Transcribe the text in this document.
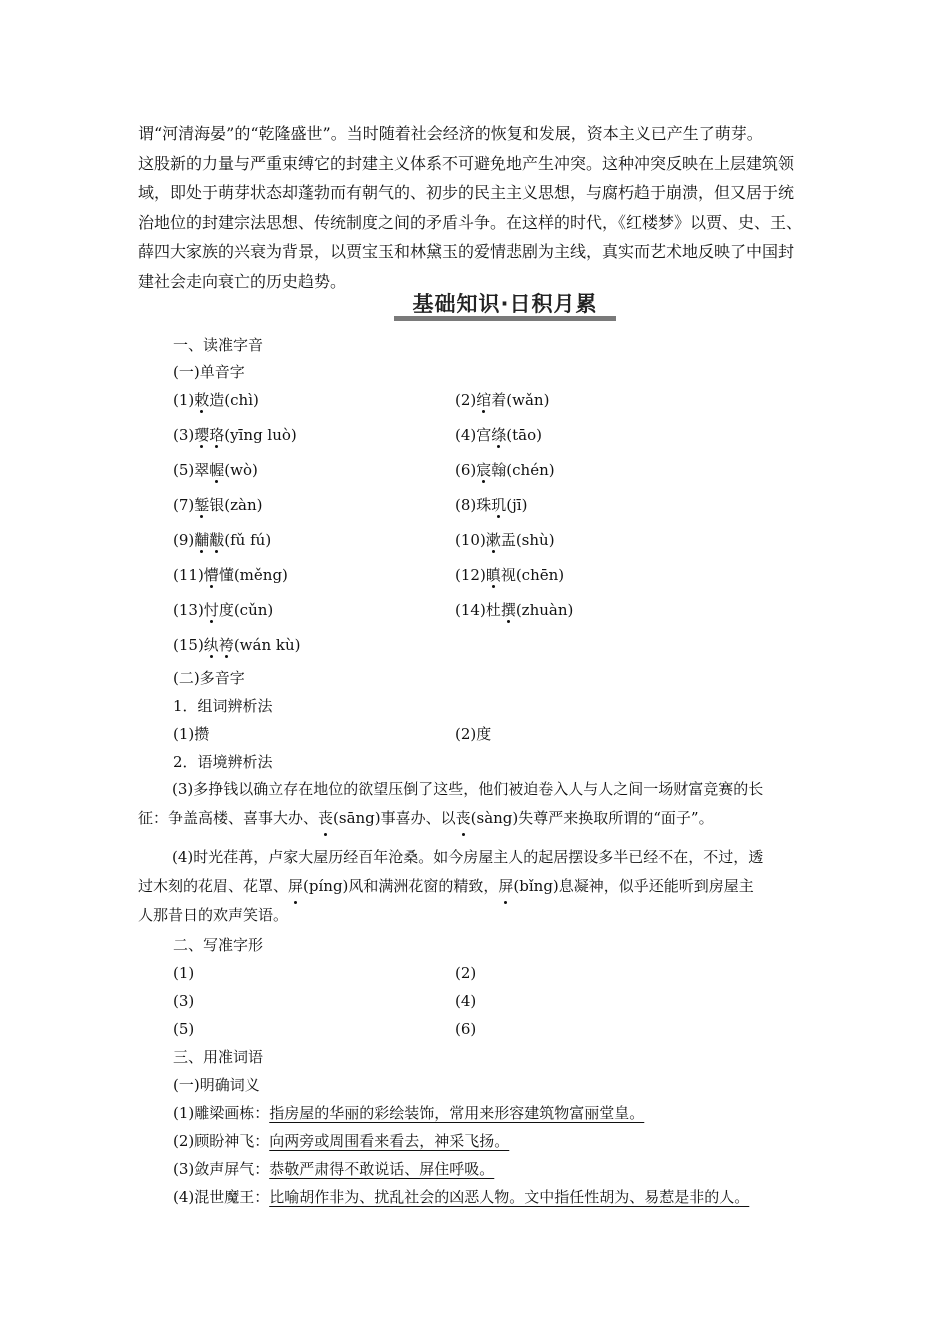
谓“河清海晏”的“乾隆盛世”。当时随着社会经济的恢复和发展，资本主义已产生了萌芽。

这股新的力量与严重束缚它的封建主义体系不可避免地产生冲突。这种冲突反映在上层建筑领

域，即处于萌芽状态却蓬勃而有朝气的、初步的民主主义思想，与腐朽趋于崩溃，但又居于统

治地位的封建宗法思想、传统制度之间的矛盾斗争。在这样的时代，《红楼梦》以贾、史、王、

薛四大家族的兴衰为背景，以贾宝玉和林黛玉的爱情悲剧为主线，真实而艺术地反映了中国封

建社会走向衰亡的历史趋势。

基础知识·日积月累
一、读准字音
(一)单音字
(1)敕造(chì)	(2)绾着(wǎn)
(3)璎珞(yīng luò)	(4)宫绦(tāo)
(5)翠幄(wò)	(6)宸翰(chén)
(7)錾银(zàn)	(8)珠玑(jī)
(9)黼黻(fǔ fú)	(10)漱盂(shù)
(11)懵懂(měng)	(12)瞋视(chēn)
(13)忖度(cǔn)	(14)杜撰(zhuàn)
(15)纨袴(wán kù)
(二)多音字
1．组词辨析法
(1)攒	(2)度
2．语境辨析法

(3)多挣钱以确立存在地位的欲望压倒了这些，他们被迫卷入人与人之间一场财富竞赛的长

征：争盖高楼、喜事大办、丧(sāng)事喜办、以丧(sàng)失尊严来换取所谓的“面子”。

(4)时光荏苒，卢家大屋历经百年沧桑。如今房屋主人的起居摆设多半已经不在，不过，透

过木刻的花眉、花罩、屏(píng)风和满洲花窗的精致，屏(bǐng)息凝神，似乎还能听到房屋主

人那昔日的欢声笑语。

二、写准字形
(1)	(2)
(3)	(4)
(5)	(6)
三、用准词语
(一)明确词义
(1)雕梁画栋：指房屋的华丽的彩绘装饰，常用来形容建筑物富丽堂皇。
(2)顾盼神飞：向两旁或周围看来看去，神采飞扬。
(3)敛声屏气：恭敬严肃得不敢说话、屏住呼吸。
(4)混世魔王：比喻胡作非为、扰乱社会的凶恶人物。文中指任性胡为、易惹是非的人。
